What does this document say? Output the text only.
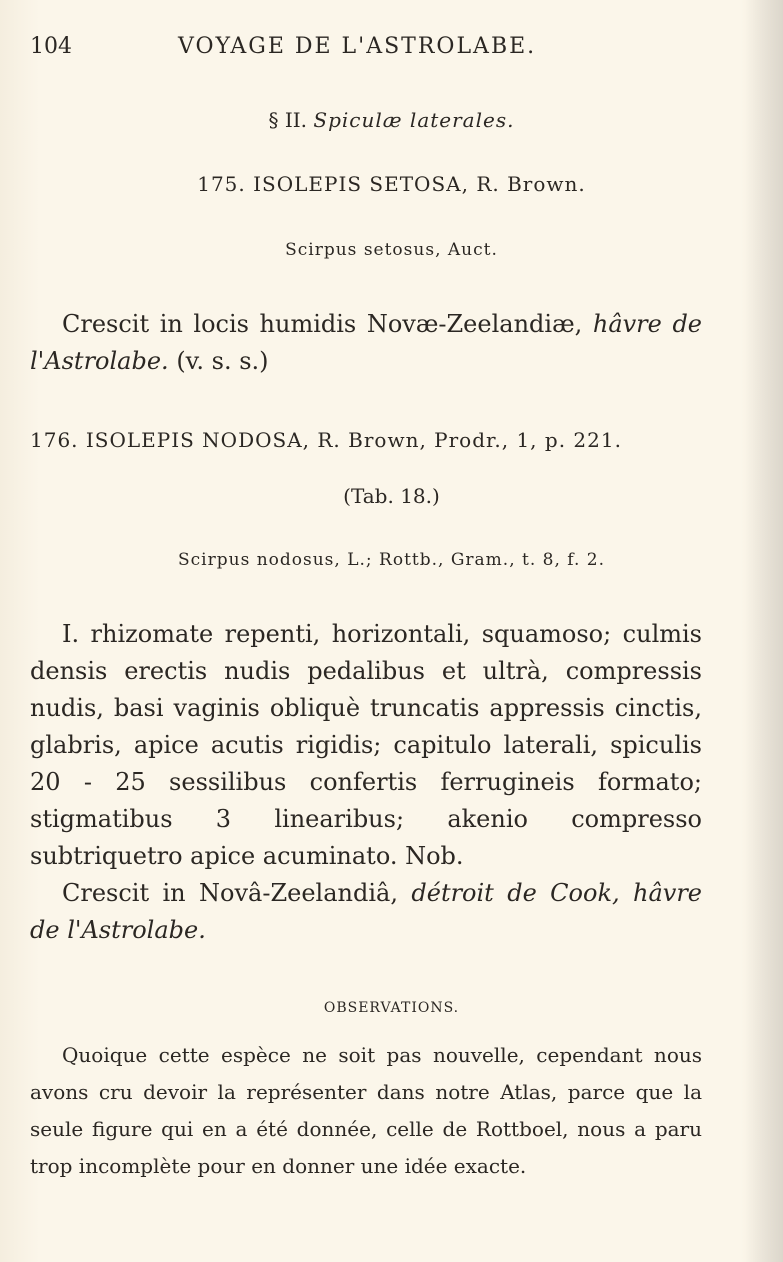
104	VOYAGE DE L'ASTROLABE.
§ II. Spiculæ laterales.
175. ISOLEPIS SETOSA, R. Brown.
Scirpus setosus, Auct.
Crescit in locis humidis Novæ-Zeelandiæ, hâvre de l'Astrolabe. (v. s. s.)
176. ISOLEPIS NODOSA, R. Brown, Prodr., 1, p. 221.
(Tab. 18.)
Scirpus nodosus, L.; Rottb., Gram., t. 8, f. 2.

I. rhizomate repenti, horizontali, squamoso; culmis densis erectis nudis pedalibus et ultrà, compressis nudis, basi vaginis obliquè truncatis appressis cinctis, glabris, apice acutis rigidis; capitulo laterali, spiculis 20 - 25 sessilibus confertis ferrugineis formato; stigmatibus 3 linearibus; akenio compresso subtriquetro apice acuminato. Nob.

Crescit in Novâ-Zeelandiâ, détroit de Cook, hâvre de l'Astrolabe.

OBSERVATIONS.
Quoique cette espèce ne soit pas nouvelle, cependant nous avons cru devoir la représenter dans notre Atlas, parce que la seule figure qui en a été donnée, celle de Rottboel, nous a paru trop incomplète pour en donner une idée exacte.
